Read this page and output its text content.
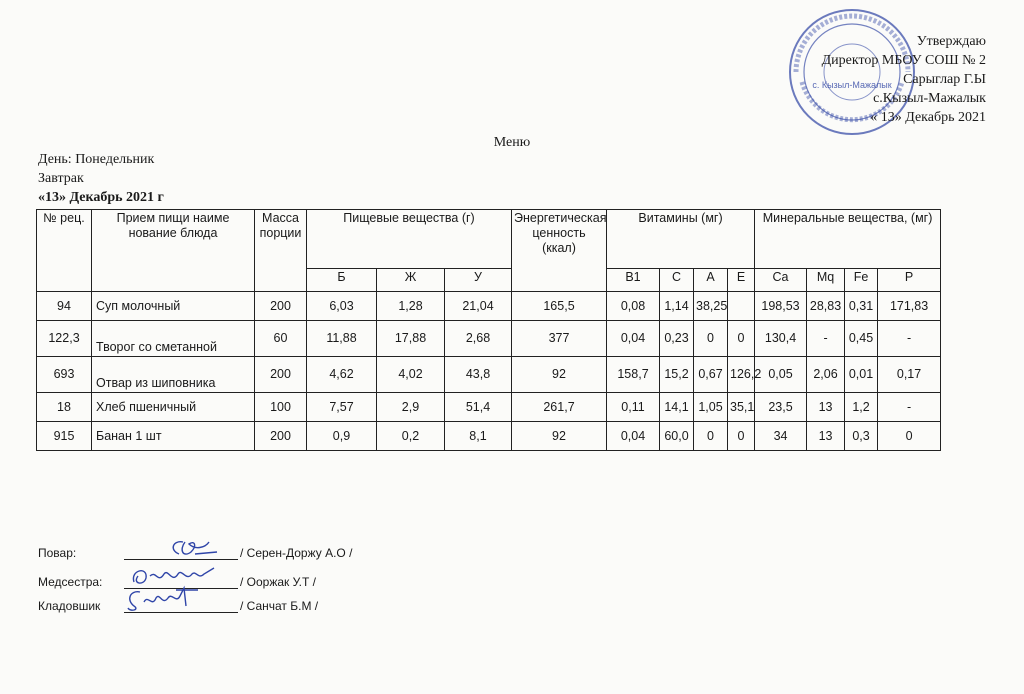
с. Кызыл-Мажалык
Утверждаю
Директор МБОУ СОШ № 2
Сарыглар Г.Ы
с.Кызыл-Мажалык
« 13» Декабрь 2021
Меню
День: Понедельник
Завтрак
«13» Декабрь 2021 г
№ рец.	Прием пищи наиме нование блюда	Масса порции	Пищевые вещества (г)			Энергетическая ценность (ккал)	Витамины (мг)				Минеральные вещества, (мг)			
			Б	Ж	У		B1	C	A	E	Ca	Mq	Fe	P
94	Суп молочный	200	6,03	1,28	21,04	165,5	0,08	1,14	38,25		198,53	28,83	0,31	171,83
122,3	Творог со сметанной	60	11,88	17,88	2,68	377	0,04	0,23	0	0	130,4	-	0,45	-
693	Отвар из шиповника	200	4,62	4,02	43,8	92	158,7	15,2	0,67	126,2	0,05	2,06	0,01	0,17
18	Хлеб пшеничный	100	7,57	2,9	51,4	261,7	0,11	14,1	1,05	35,1	23,5	13	1,2	-
915	Банан 1 шт	200	0,9	0,2	8,1	92	0,04	60,0	0	0	34	13	0,3	0
Повар:	/ Серен-Доржу А.О /
Медсестра:	/ Ооржак У.Т /
Кладовшик	/ Санчат Б.М /
